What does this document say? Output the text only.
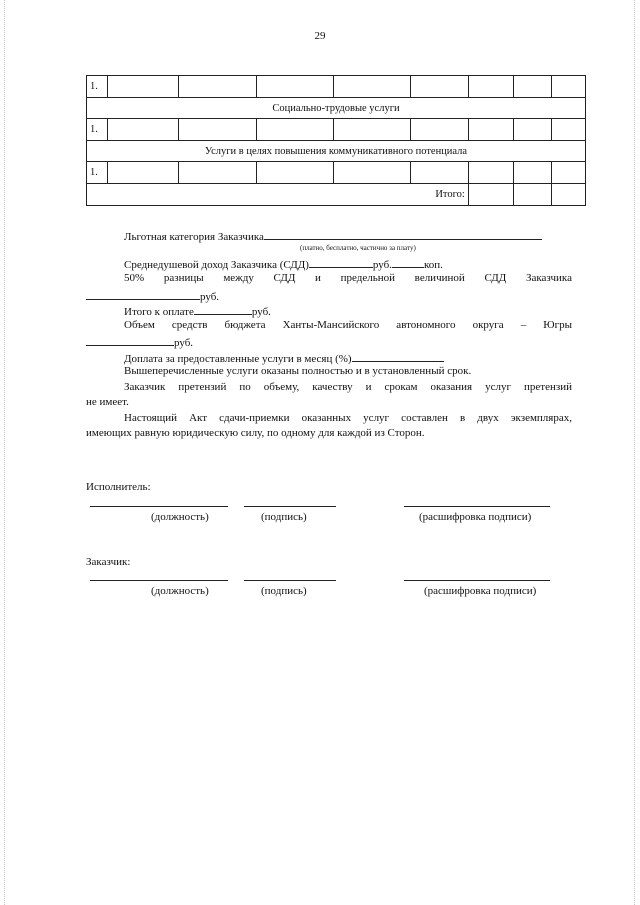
29
1.								
Социально-трудовые услуги								
1.								
Услуги в целях повышения коммуникативного потенциала								
1.								
Итого:								
Льготная категория Заказчика
(платно, бесплатно, частично за плату)
Среднедушевой доход Заказчика (СДД)	руб.	коп.
50% разницы между СДД и предельной величиной СДД Заказчика
руб.
Итого к оплате	руб.
Объем средств бюджета Ханты-Мансийского автономного округа – Югры
руб.
Доплата за предоставленные услуги в месяц (%)
Вышеперечисленные услуги оказаны полностью и в установленный срок.
Заказчик претензий по объему, качеству и срокам оказания услуг претензий
не имеет.
Настоящий Акт сдачи-приемки оказанных услуг составлен в двух экземплярах,
имеющих равную юридическую силу, по одному для каждой из Сторон.
Исполнитель:
(должность)	(подпись)	(расшифровка подписи)
Заказчик:
(должность)	(подпись)	(расшифровка подписи)
